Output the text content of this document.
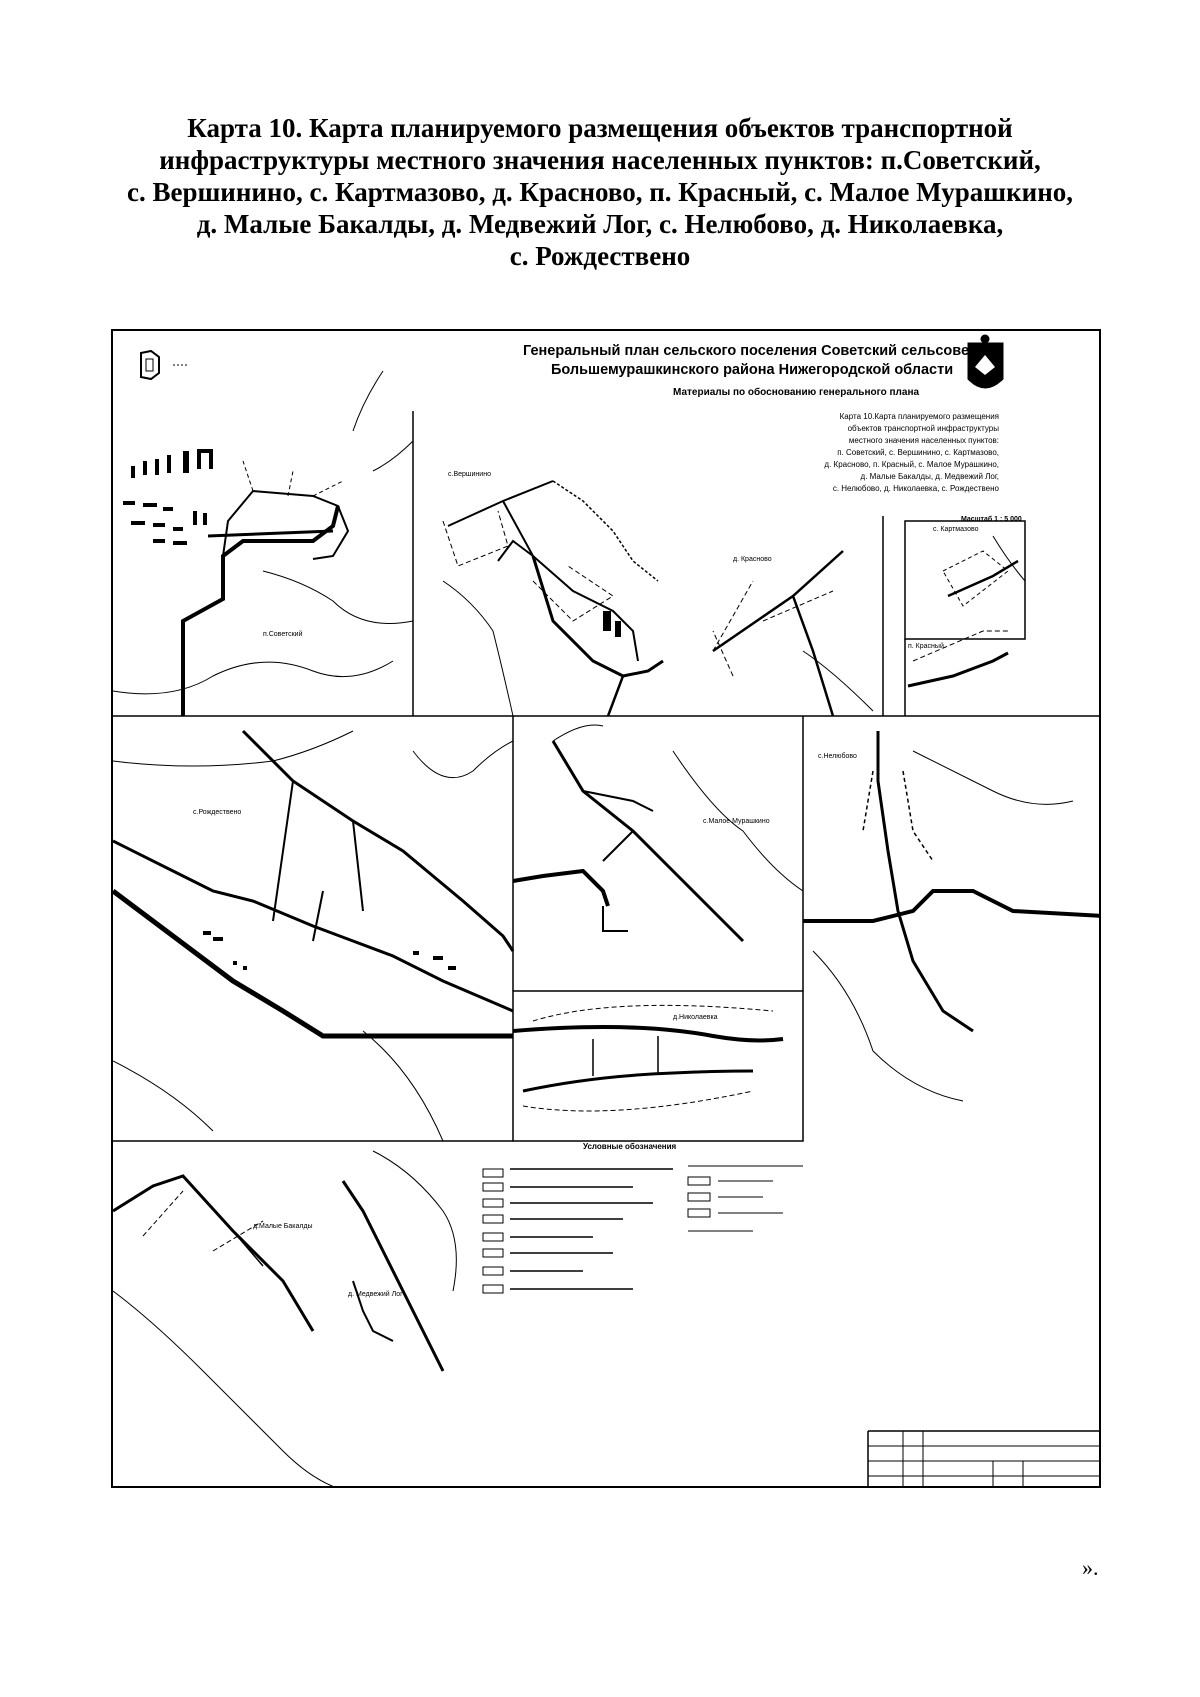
Карта 10. Карта планируемого размещения объектов транспортной
инфраструктуры местного значения населенных пунктов: п.Советский,
с. Вершинино, с. Картмазово, д. Красново, п. Красный, с. Малое Мурашкино,
д. Малые Бакалды, д. Медвежий Лог, с. Нелюбово, д. Николаевка,
с. Рождествено
Генеральный план сельского поселения Советский сельсовет
Большемурашкинского района Нижегородской области
Материалы по обоснованию генерального плана
Карта 10.Карта планируемого размещения
объектов транспортной инфраструктуры
местного значения населенных пунктов:
п. Советский, с. Вершинино, с. Картмазово,
д. Красново, п. Красный, с. Малое Мурашкино,
д. Малые Бакалды, д. Медвежий Лог,
с. Нелюбово, д. Николаевка, с. Рождествено
Масштаб 1 : 5 000
п.Советский
с.Вершинино
д. Красново
с. Картмазово
п. Красный
с.Рождествено
с.Малое Мурашкино
с.Нелюбово
д.Николаевка
д.Малые Бакалды
д. Медвежий Лог
Условные обозначения
».
